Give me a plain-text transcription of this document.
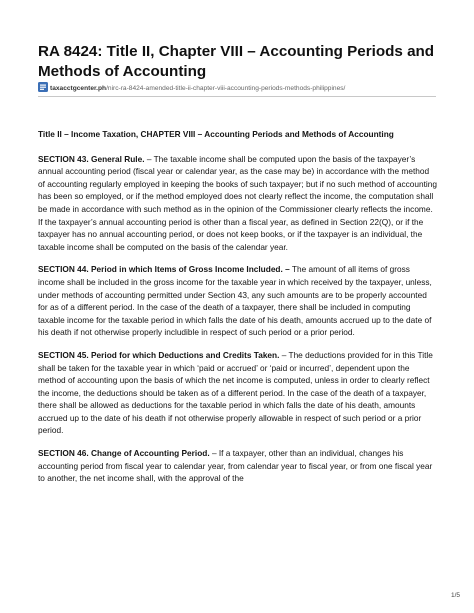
RA 8424: Title II, Chapter VIII – Accounting Periods and Methods of Accounting
taxacctgcenter.ph/nirc-ra-8424-amended-title-ii-chapter-viii-accounting-periods-methods-philippines/

Title II – Income Taxation, CHAPTER VIII – Accounting Periods and Methods of Accounting

SECTION 43. General Rule. – The taxable income shall be computed upon the basis of the taxpayer’s annual accounting period (fiscal year or calendar year, as the case may be) in accordance with the method of accounting regularly employed in keeping the books of such taxpayer; but if no such method of accounting has been so employed, or if the method employed does not clearly reflect the income, the computation shall be made in accordance with such method as in the opinion of the Commissioner clearly reflects the income. If the taxpayer’s annual accounting period is other than a fiscal year, as defined in Section 22(Q), or if the taxpayer has no annual accounting period, or does not keep books, or if the taxpayer is an individual, the taxable income shall be computed on the basis of the calendar year.

SECTION 44. Period in which Items of Gross Income Included. – The amount of all items of gross income shall be included in the gross income for the taxable year in which received by the taxpayer, unless, under methods of accounting permitted under Section 43, any such amounts are to be properly accounted for as of a different period. In the case of the death of a taxpayer, there shall be included in computing taxable income for the taxable period in which falls the date of his death, amounts accrued up to the date of his death if not otherwise properly includible in respect of such period or a prior period.

SECTION 45. Period for which Deductions and Credits Taken. – The deductions provided for in this Title shall be taken for the taxable year in which ‘paid or accrued’ or ‘paid or incurred’, dependent upon the method of accounting upon the basis of which the net income is computed, unless in order to clearly reflect the income, the deductions should be taken as of a different period. In the case of the death of a taxpayer, there shall be allowed as deductions for the taxable period in which falls the date of his death, amounts accrued up to the date of his death if not otherwise properly allowable in respect of such period or a prior period.

SECTION 46. Change of Accounting Period. – If a taxpayer, other than an individual, changes his accounting period from fiscal year to calendar year, from calendar year to fiscal year, or from one fiscal year to another, the net income shall, with the approval of the

1/5
